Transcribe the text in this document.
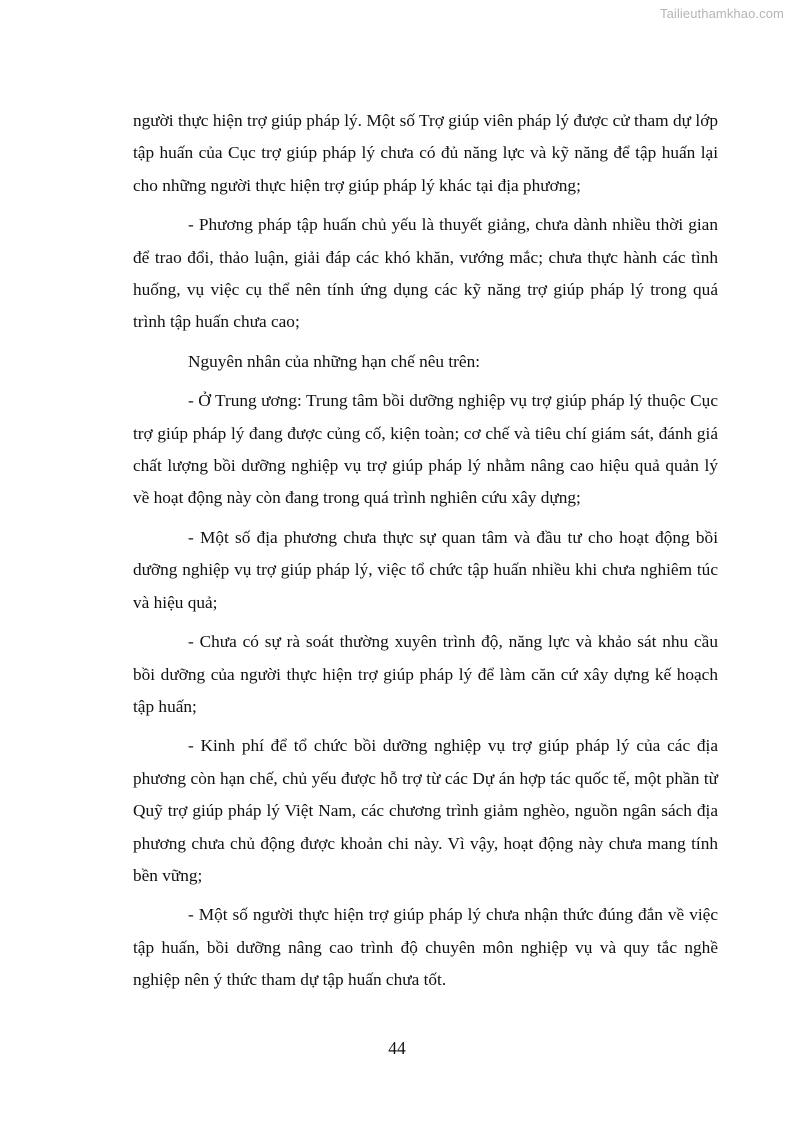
Tailieuthamkhao.com

người thực hiện trợ giúp pháp lý. Một số Trợ giúp viên pháp lý được cử tham dự lớp tập huấn của Cục trợ giúp pháp lý chưa có đủ năng lực và kỹ năng để tập huấn lại cho những người thực hiện trợ giúp pháp lý khác tại địa phương;

- Phương pháp tập huấn chủ yếu là thuyết giảng, chưa dành nhiều thời gian để trao đổi, thảo luận, giải đáp các khó khăn, vướng mắc; chưa thực hành các tình huống, vụ việc cụ thể nên tính ứng dụng các kỹ năng trợ giúp pháp lý trong quá trình tập huấn chưa cao;

Nguyên nhân của những hạn chế nêu trên:

- Ở Trung ương: Trung tâm bồi dưỡng nghiệp vụ trợ giúp pháp lý thuộc Cục trợ giúp pháp lý đang được củng cố, kiện toàn; cơ chế và tiêu chí giám sát, đánh giá chất lượng bồi dưỡng nghiệp vụ trợ giúp pháp lý nhằm nâng cao hiệu quả quản lý về hoạt động này còn đang trong quá trình nghiên cứu xây dựng;

- Một số địa phương chưa thực sự quan tâm và đầu tư cho hoạt động bồi dưỡng nghiệp vụ trợ giúp pháp lý, việc tổ chức tập huấn nhiều khi chưa nghiêm túc và hiệu quả;

- Chưa có sự rà soát thường xuyên trình độ, năng lực và khảo sát nhu cầu bồi dưỡng của người thực hiện trợ giúp pháp lý để làm căn cứ xây dựng kế hoạch tập huấn;

- Kinh phí để tổ chức bồi dưỡng nghiệp vụ trợ giúp pháp lý của các địa phương còn hạn chế, chủ yếu được hỗ trợ từ các Dự án hợp tác quốc tế, một phần từ Quỹ trợ giúp pháp lý Việt Nam, các chương trình giảm nghèo, nguồn ngân sách địa phương chưa chủ động được khoản chi này. Vì vậy, hoạt động này chưa mang tính bền vững;

- Một số người thực hiện trợ giúp pháp lý chưa nhận thức đúng đắn về việc tập huấn, bồi dưỡng nâng cao trình độ chuyên môn nghiệp vụ và quy tắc nghề nghiệp nên ý thức tham dự tập huấn chưa tốt.

44
